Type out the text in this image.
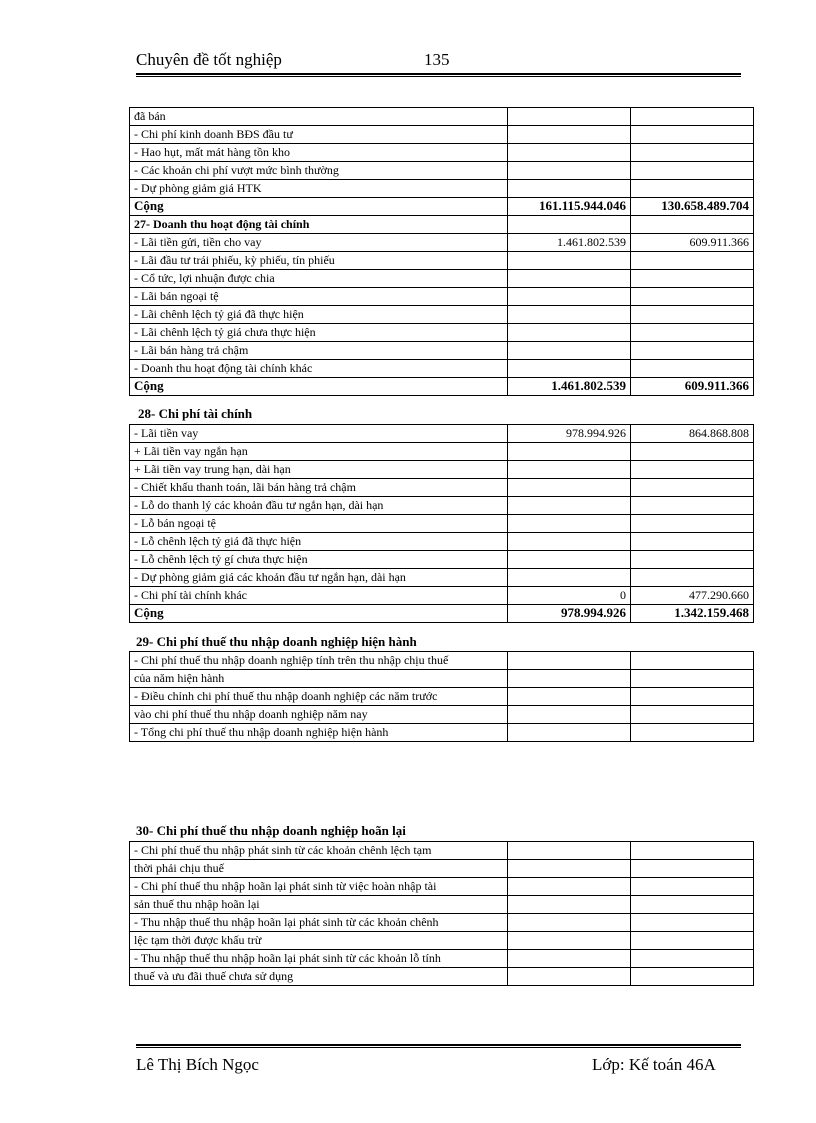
Chuyên đề tốt nghiệp	135
đã bán		
- Chi phí kinh doanh BĐS đầu tư		
- Hao hụt, mất mát hàng tồn kho		
- Các khoản chi phí vượt mức bình thường		
- Dự phòng giảm giá HTK		
Cộng	161.115.944.046	130.658.489.704
27- Doanh thu hoạt động tài chính		
- Lãi tiền gửi, tiền cho vay	1.461.802.539	609.911.366
- Lãi đầu tư trái phiếu, kỳ phiếu, tín phiếu		
- Cổ tức, lợi nhuận được chia		
- Lãi bán ngoại tệ		
- Lãi chênh lệch tỷ giá đã thực hiện		
- Lãi chênh lệch tỷ giá chưa thực hiện		
- Lãi bán hàng trả chậm		
- Doanh thu hoạt động tài chính khác		
Cộng	1.461.802.539	609.911.366
28- Chi phí tài chính
- Lãi tiền vay	978.994.926	864.868.808
+ Lãi tiền vay ngắn hạn		
+ Lãi tiền vay trung hạn, dài hạn		
- Chiết khấu thanh toán, lãi bán hàng trả chậm		
- Lỗ do thanh lý các khoản đầu tư ngắn hạn, dài hạn		
- Lỗ bán ngoại tệ		
- Lỗ chênh lệch tỷ giá đã thực hiện		
- Lỗ chênh lệch tỷ gí chưa thực hiện		
- Dự phòng giảm giá các khoản đầu tư ngắn hạn, dài hạn		
- Chi phí tài chính khác	0	477.290.660
Cộng	978.994.926	1.342.159.468
29- Chi phí thuế thu nhập doanh nghiệp hiện hành
- Chi phí thuế thu nhập doanh nghiệp tính trên thu nhập chịu thuế		
của năm hiện hành		
- Điều chỉnh chi phí thuế thu nhập doanh nghiệp các năm trước		
vào chi phí thuế thu nhập doanh nghiệp năm nay		
- Tổng chi phí thuế thu nhập doanh nghiệp hiện hành		
30- Chi phí thuế thu nhập doanh nghiệp hoãn lại
- Chi phí thuế thu nhập phát sinh từ các khoản chênh lệch tạm		
thời phải chịu thuế		
- Chi phí thuế thu nhập hoãn lại phát sinh từ việc hoàn nhập tài		
sản thuế thu nhập hoãn lại		
- Thu nhập thuế thu nhập hoãn lại phát sinh từ các khoản chênh		
lệc tạm thời được khấu trừ		
- Thu nhập thuế thu nhập hoãn lại phát sinh từ các khoản lỗ tính		
thuế và ưu đãi thuế chưa sử dụng		
Lê Thị Bích Ngọc	Lớp: Kế toán 46A
